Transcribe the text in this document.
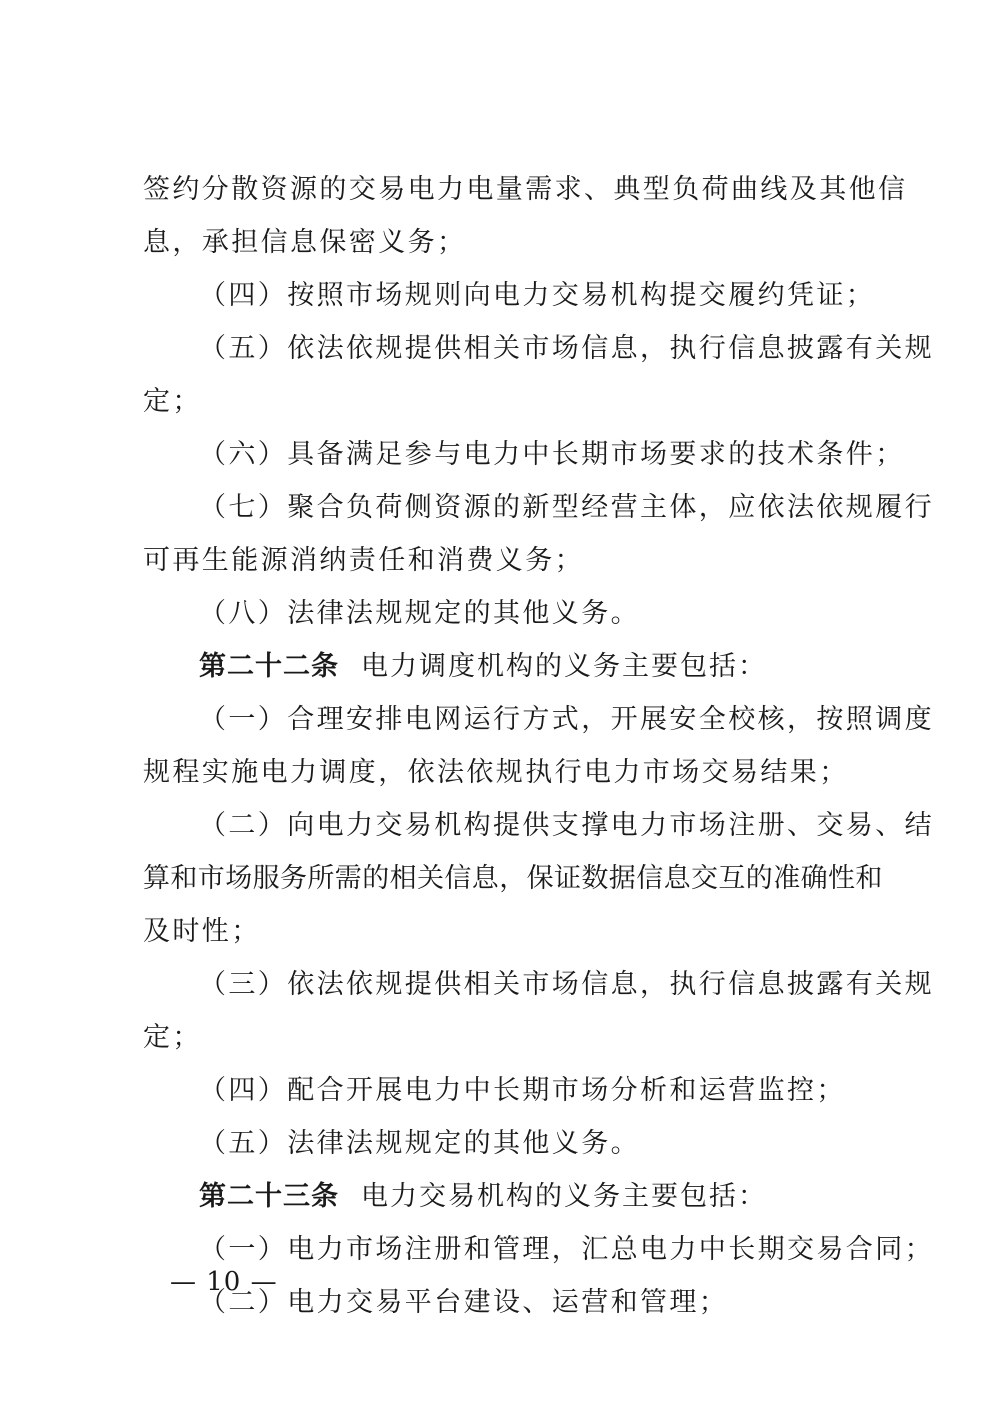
签约分散资源的交易电力电量需求、典型负荷曲线及其他信
息，承担信息保密义务；
（四）按照市场规则向电力交易机构提交履约凭证；
（五）依法依规提供相关市场信息，执行信息披露有关规
定；
（六）具备满足参与电力中长期市场要求的技术条件；
（七）聚合负荷侧资源的新型经营主体，应依法依规履行
可再生能源消纳责任和消费义务；
（八）法律法规规定的其他义务。
第二十二条 电力调度机构的义务主要包括：
（一）合理安排电网运行方式，开展安全校核，按照调度
规程实施电力调度，依法依规执行电力市场交易结果；
（二）向电力交易机构提供支撑电力市场注册、交易、结
算和市场服务所需的相关信息，保证数据信息交互的准确性和
及时性；
（三）依法依规提供相关市场信息，执行信息披露有关规
定；
（四）配合开展电力中长期市场分析和运营监控；
（五）法律法规规定的其他义务。
第二十三条 电力交易机构的义务主要包括：
（一）电力市场注册和管理，汇总电力中长期交易合同；
（二）电力交易平台建设、运营和管理；
— 10 —
